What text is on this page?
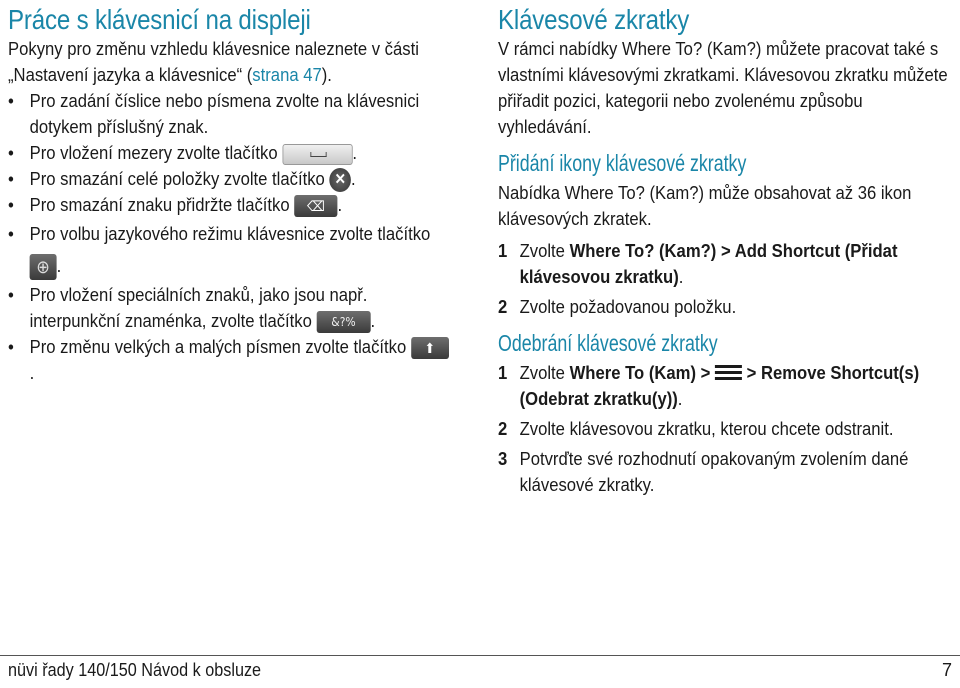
Práce s klávesnicí na displeji

Pokyny pro změnu vzhledu klávesnice naleznete v části „Nastavení jazyka a klávesnice“ (strana 47).

• Pro zadání číslice nebo písmena zvolte na klávesnici dotykem příslušný znak.
• Pro vložení mezery zvolte tlačítko	.
• Pro smazání celé položky zvolte tlačítko ✕ .
• Pro smazání znaku přidržte tlačítko ⌫ .
• Pro volbu jazykového režimu klávesnice zvolte tlačítko ⊕ .
• Pro vložení speciálních znaků, jako jsou např. interpunkční znaménka, zvolte tlačítko &?% .
• Pro změnu velkých a malých písmen zvolte tlačítko ⬆.
Klávesové zkratky

V rámci nabídky Where To? (Kam?) můžete pracovat také s vlastními klávesovými zkratkami. Klávesovou zkratku můžete přiřadit pozici, kategorii nebo zvolenému způsobu vyhledávání.

Přidání ikony klávesové zkratky

Nabídka Where To? (Kam?) může obsahovat až 36 ikon klávesových zkratek.

1 Zvolte Where To? (Kam?) > Add Shortcut (Přidat klávesovou zkratku).
2 Zvolte požadovanou položku.
Odebrání klávesové zkratky
1 Zvolte Where To (Kam) >
> Remove Shortcut(s) (Odebrat zkratku(y)).
2 Zvolte klávesovou zkratku, kterou chcete odstranit.
3 Potvrďte své rozhodnutí opakovaným zvolením dané klávesové zkratky.
nüvi řady 140/150 Návod k obsluze	7
